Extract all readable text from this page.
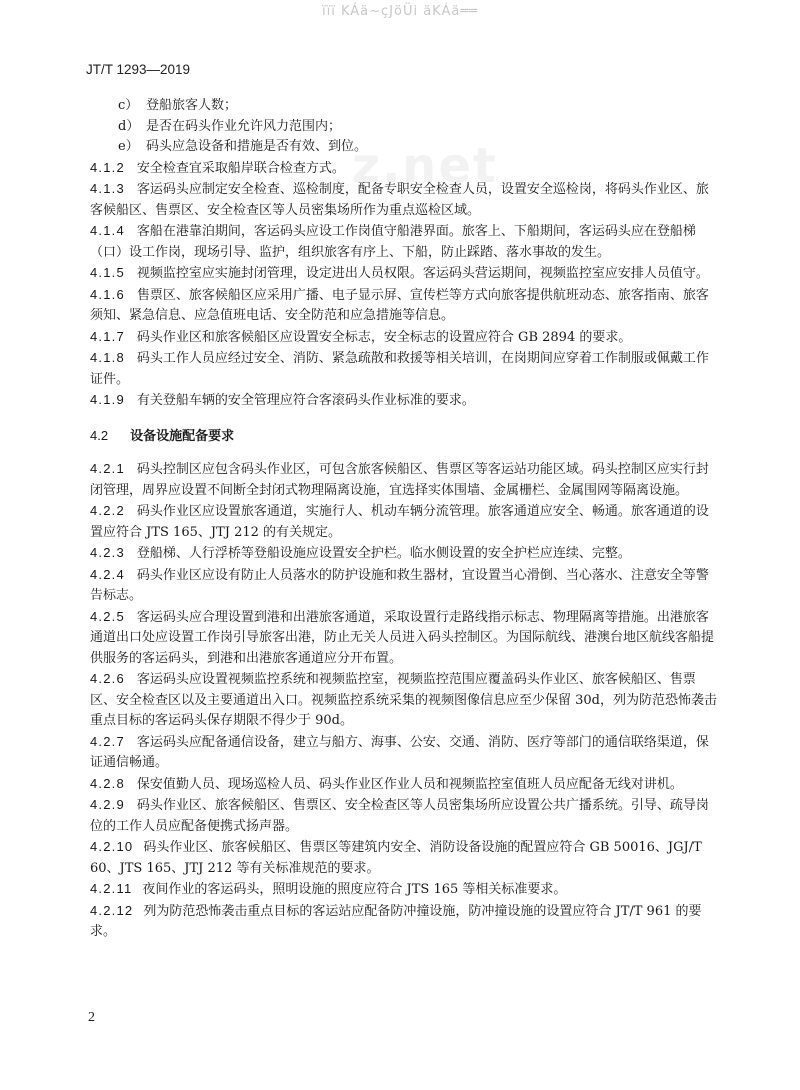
ïïï KÁä~çJöÜi äKÁä══
JT/T 1293—2019
z.net
c） 登船旅客人数；
d） 是否在码头作业允许风力范围内；
e） 码头应急设备和措施是否有效、到位。
4.1.2 安全检查宜采取船岸联合检查方式。
4.1.3 客运码头应制定安全检查、巡检制度，配备专职安全检查人员，设置安全巡检岗，将码头作业区、旅客候船区、售票区、安全检查区等人员密集场所作为重点巡检区域。
4.1.4 客船在港靠泊期间，客运码头应设工作岗值守船港界面。旅客上、下船期间，客运码头应在登船梯（口）设工作岗，现场引导、监护，组织旅客有序上、下船，防止踩踏、落水事故的发生。
4.1.5 视频监控室应实施封闭管理，设定进出人员权限。客运码头营运期间，视频监控室应安排人员值守。
4.1.6 售票区、旅客候船区应采用广播、电子显示屏、宣传栏等方式向旅客提供航班动态、旅客指南、旅客须知、紧急信息、应急值班电话、安全防范和应急措施等信息。
4.1.7 码头作业区和旅客候船区应设置安全标志，安全标志的设置应符合 GB 2894 的要求。
4.1.8 码头工作人员应经过安全、消防、紧急疏散和救援等相关培训，在岗期间应穿着工作制服或佩戴工作证件。
4.1.9 有关登船车辆的安全管理应符合客滚码头作业标准的要求。
4.2 设备设施配备要求
4.2.1 码头控制区应包含码头作业区，可包含旅客候船区、售票区等客运站功能区域。码头控制区应实行封闭管理，周界应设置不间断全封闭式物理隔离设施，宜选择实体围墙、金属栅栏、金属围网等隔离设施。
4.2.2 码头作业区应设置旅客通道，实施行人、机动车辆分流管理。旅客通道应安全、畅通。旅客通道的设置应符合 JTS 165、JTJ 212 的有关规定。
4.2.3 登船梯、人行浮桥等登船设施应设置安全护栏。临水侧设置的安全护栏应连续、完整。
4.2.4 码头作业区应设有防止人员落水的防护设施和救生器材，宜设置当心滑倒、当心落水、注意安全等警告标志。
4.2.5 客运码头应合理设置到港和出港旅客通道，采取设置行走路线指示标志、物理隔离等措施。出港旅客通道出口处应设置工作岗引导旅客出港，防止无关人员进入码头控制区。为国际航线、港澳台地区航线客船提供服务的客运码头，到港和出港旅客通道应分开布置。
4.2.6 客运码头应设置视频监控系统和视频监控室，视频监控范围应覆盖码头作业区、旅客候船区、售票区、安全检查区以及主要通道出入口。视频监控系统采集的视频图像信息应至少保留 30d，列为防范恐怖袭击重点目标的客运码头保存期限不得少于 90d。
4.2.7 客运码头应配备通信设备，建立与船方、海事、公安、交通、消防、医疗等部门的通信联络渠道，保证通信畅通。
4.2.8 保安值勤人员、现场巡检人员、码头作业区作业人员和视频监控室值班人员应配备无线对讲机。
4.2.9 码头作业区、旅客候船区、售票区、安全检查区等人员密集场所应设置公共广播系统。引导、疏导岗位的工作人员应配备便携式扬声器。
4.2.10 码头作业区、旅客候船区、售票区等建筑内安全、消防设备设施的配置应符合 GB 50016、JGJ/T 60、JTS 165、JTJ 212 等有关标准规范的要求。
4.2.11 夜间作业的客运码头，照明设施的照度应符合 JTS 165 等相关标准要求。
4.2.12 列为防范恐怖袭击重点目标的客运站应配备防冲撞设施，防冲撞设施的设置应符合 JT/T 961 的要求。
2
